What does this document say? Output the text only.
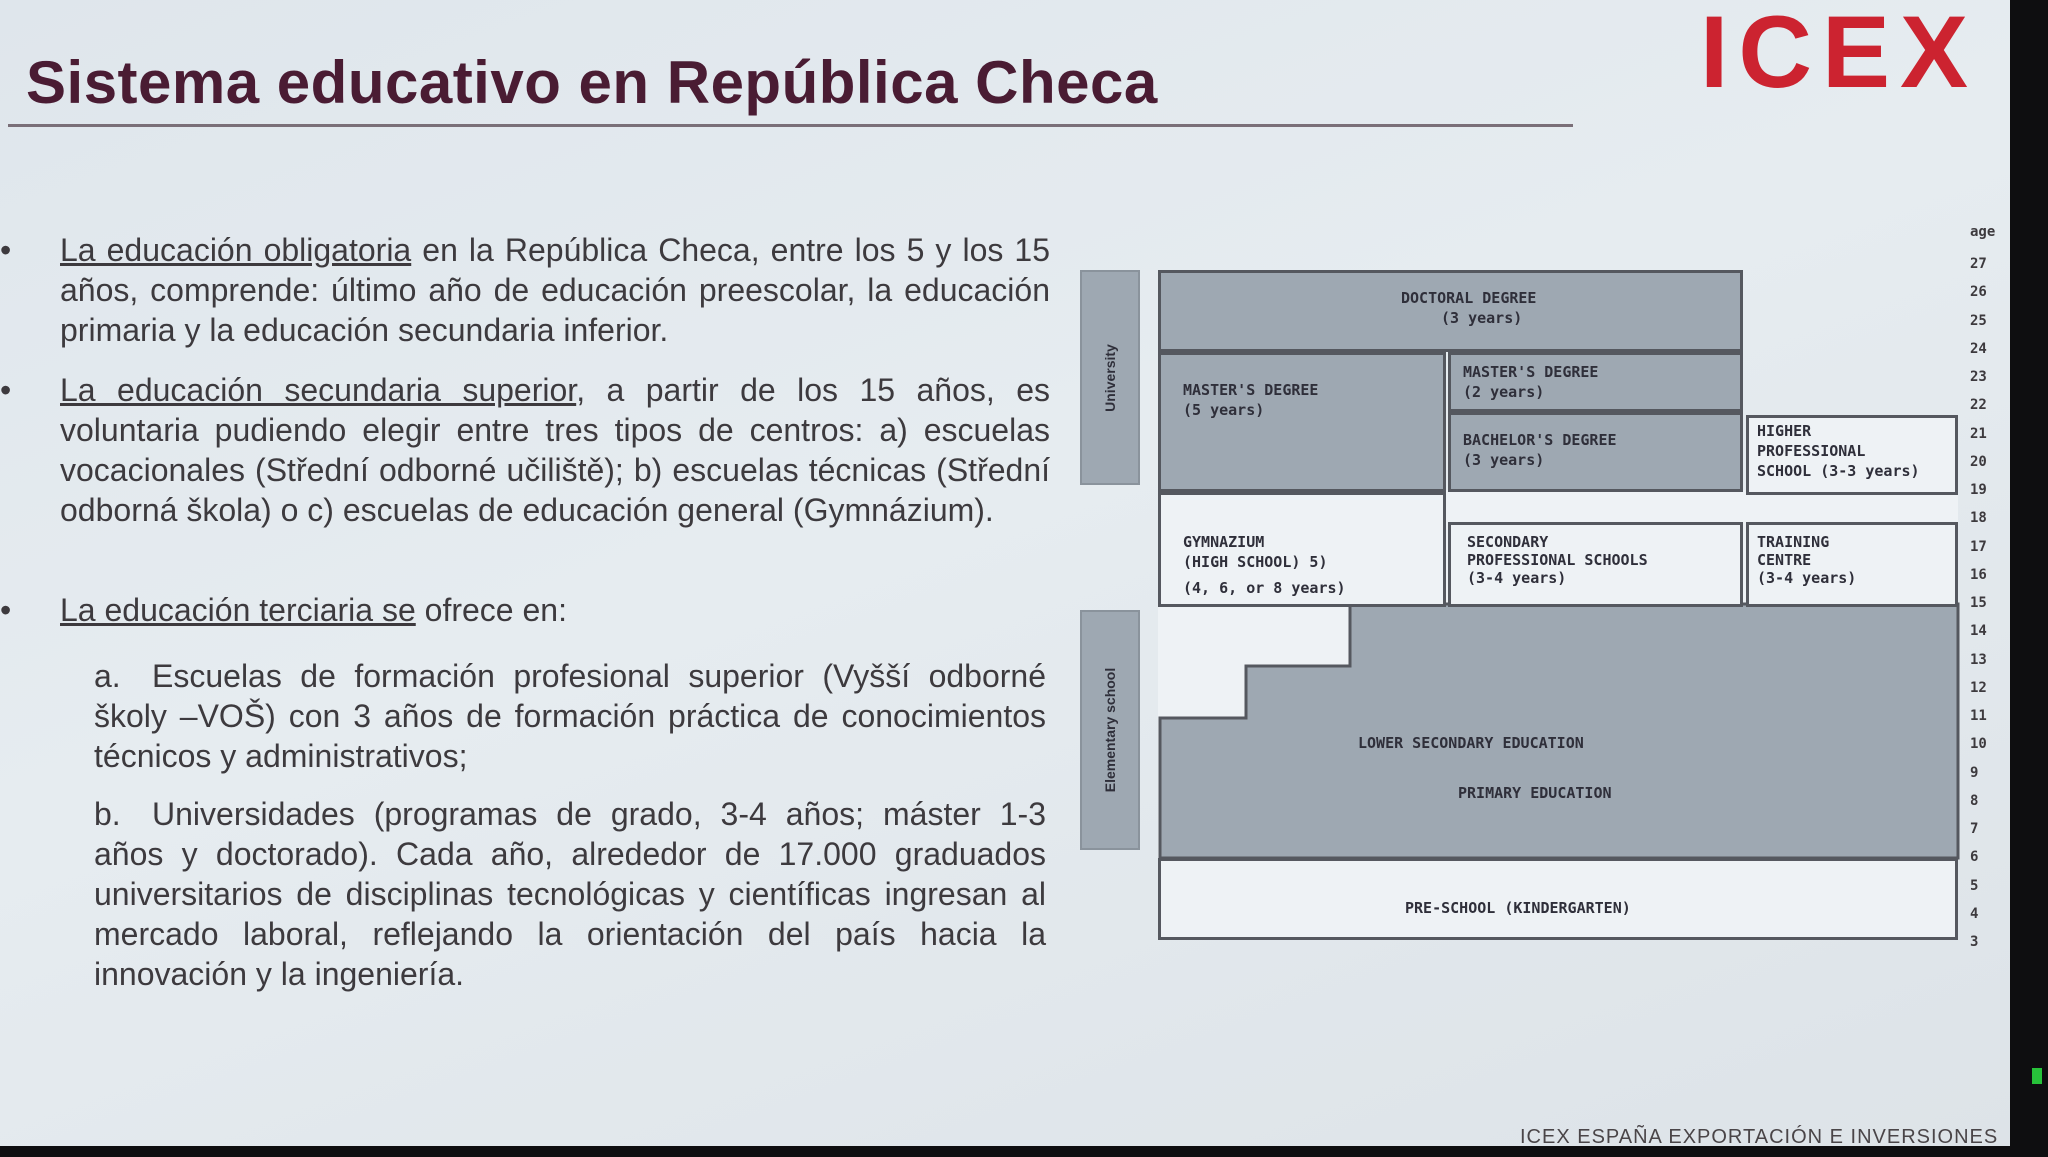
Sistema educativo en República Checa	ICEX
• La educación obligatoria en la República Checa, entre los 5 y los 15 años, comprende: último año de educación preescolar, la educación primaria y la educación secundaria inferior.
• La educación secundaria superior, a partir de los 15 años, es voluntaria pudiendo elegir entre tres tipos de centros: a) escuelas vocacionales (Střední odborné učiliště); b) escuelas técnicas (Střední odborná škola) o c) escuelas de educación general (Gymnázium).
• La educación terciaria se ofrece en:
a. Escuelas de formación profesional superior (Vyšší odborné školy –VOŠ) con 3 años de formación práctica de conocimientos técnicos y administrativos;
b. Universidades (programas de grado, 3-4 años; máster 1-3 años y doctorado). Cada año, alrededor de 17.000 graduados universitarios de disciplinas tecnológicas y científicas ingresan al mercado laboral, reflejando la orientación del país hacia la innovación y la ingeniería.
University
Elementary school
DOCTORAL DEGREE
(3 years)
MASTER'S DEGREE
(5 years)
MASTER'S DEGREE
(2 years)
BACHELOR'S DEGREE
(3 years)
HIGHER
PROFESSIONAL
SCHOOL (3-3 years)
GYMNAZIUM
(HIGH SCHOOL) 5)
(4, 6, or 8 years)
SECONDARY
PROFESSIONAL SCHOOLS
(3-4 years)
TRAINING
CENTRE
(3-4 years)
LOWER SECONDARY EDUCATION
PRIMARY EDUCATION
PRE-SCHOOL (KINDERGARTEN)
age
27
26
25
24
23
22
21
20
19
18
17
16
15
14
13
12
11
10
9
8
7
6
5
4
3
ICEX ESPAÑA EXPORTACIÓN E INVERSIONES
